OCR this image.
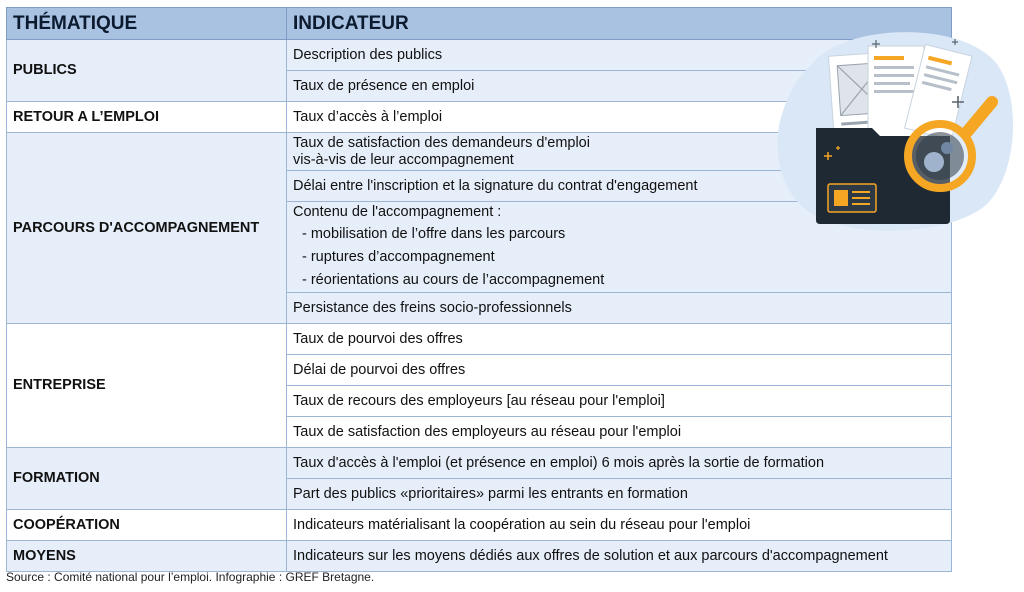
THÉMATIQUE	INDICATEUR
PUBLICS	Description des publics
	Taux de présence en emploi
RETOUR A L’EMPLOI	Taux d’accès à l’emploi
PARCOURS D'ACCOMPAGNEMENT	Taux de satisfaction des demandeurs d'emploi
vis-à-vis de leur accompagnement

	Délai entre l'inscription et la signature du contrat d'engagement

	Contenu de l'accompagnement :
- mobilisation de l’offre dans les parcours
- ruptures d’accompagnement
- réorientations au cours de l’accompagnement

	Persistance des freins socio-professionnels
ENTREPRISE	Taux de pourvoi des offres
	Délai de pourvoi des offres
	Taux de recours des employeurs [au réseau pour l'emploi]
	Taux de satisfaction des employeurs au réseau pour l'emploi
FORMATION	Taux d'accès à l'emploi (et présence en emploi) 6 mois après la sortie de formation
	Part des publics «prioritaires» parmi les entrants en formation
COOPÉRATION	Indicateurs matérialisant la coopération au sein du réseau pour l'emploi
MOYENS	Indicateurs sur les moyens dédiés aux offres de solution et aux parcours d'accompagnement
Source : Comité national pour l’emploi. Infographie : GREF Bretagne.
